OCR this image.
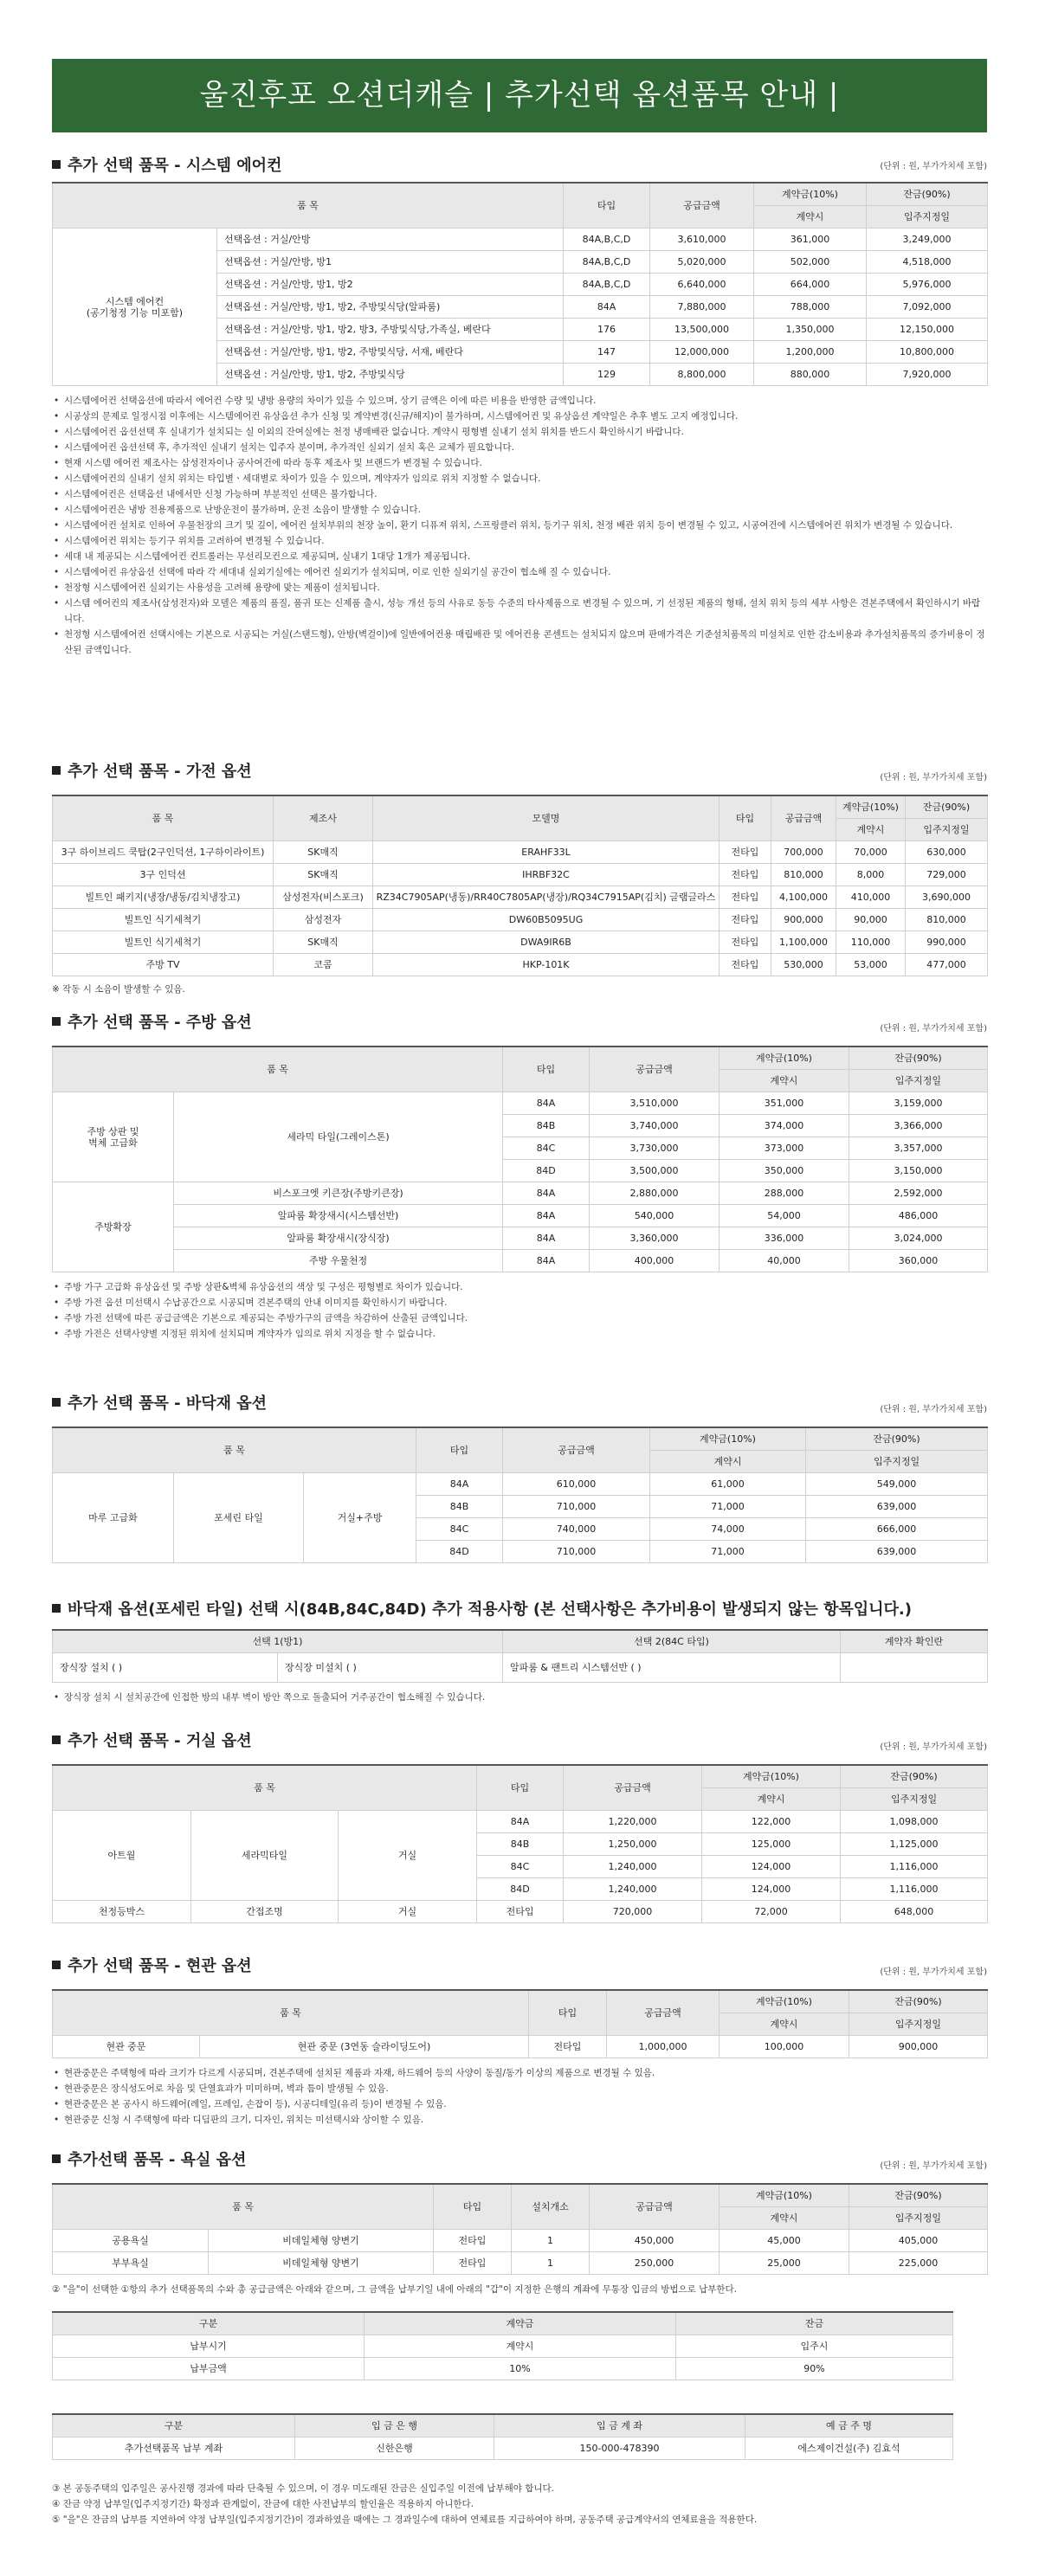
울진후포 오션더캐슬 | 추가선택 옵션품목 안내 |
추가 선택 품목 - 시스템 에어컨	(단위 : 원, 부가가치세 포함)
품 목		타입	공급금액	계약금(10%)	잔금(90%)
				계약시	입주지정일
시스템 에어컨
(공기청정 기능 미포함)	선택옵션 : 거실/안방	84A,B,C,D	3,610,000	361,000	3,249,000
	선택옵션 : 거실/안방, 방1	84A,B,C,D	5,020,000	502,000	4,518,000
	선택옵션 : 거실/안방, 방1, 방2	84A,B,C,D	6,640,000	664,000	5,976,000
	선택옵션 : 거실/안방, 방1, 방2, 주방및식당(알파룸)	84A	7,880,000	788,000	7,092,000
	선택옵션 : 거실/안방, 방1, 방2, 방3, 주방및식당,가족실, 베란다	176	13,500,000	1,350,000	12,150,000
	선택옵션 : 거실/안방, 방1, 방2, 주방및식당, 서재, 베란다	147	12,000,000	1,200,000	10,800,000
	선택옵션 : 거실/안방, 방1, 방2, 주방및식당	129	8,800,000	880,000	7,920,000
• 시스템에어컨 선택옵션에 따라서 에어컨 수량 및 냉방 용량의 차이가 있을 수 있으며, 상기 금액은 이에 따른 비용을 반영한 금액입니다.
• 시공상의 문제로 일정시점 이후에는 시스템에어컨 유상옵션 추가 신청 및 계약변경(신규/해지)이 불가하며, 시스템에어컨 및 유상옵션 계약일은 추후 별도 고지 예정입니다.
• 시스템에어컨 옵션선택 후 실내기가 설치되는 실 이외의 잔여실에는 천정 냉매배관 없습니다. 계약시 평형별 실내기 설치 위치를 반드시 확인하시기 바랍니다.
• 시스템에어컨 옵션선택 후, 추가적인 실내기 설치는 입주자 분이며, 추가적인 실외기 설치 혹은 교체가 필요합니다.
• 현재 시스템 에어컨 제조사는 삼성전자이나 공사여건에 따라 동후 제조사 및 브랜드가 변경될 수 있습니다.
• 시스템에어컨의 실내기 설치 위치는 타입별ㆍ세대별로 차이가 있을 수 있으며, 계약자가 임의로 위치 지정할 수 없습니다.
• 시스템에어컨은 선택옵션 내에서만 신청 가능하며 부분적인 선택은 불가합니다.
• 시스템에어컨은 냉방 전용제품으로 난방운전이 불가하며, 운전 소음이 발생할 수 있습니다.
• 시스템에어컨 설치로 인하여 우물천장의 크기 및 깊이, 에어컨 설치부위의 천장 높이, 환기 디퓨져 위치, 스프링클러 위치, 등기구 위치, 천정 배관 위치 등이 변경될 수 있고, 시공여건에 시스템에어컨 위치가 변경될 수 있습니다.
• 시스템에어컨 위치는 등기구 위치를 고려하여 변경될 수 있습니다.
• 세대 내 제공되는 시스템에어컨 컨트롤러는 무선리모컨으로 제공되며, 실내기 1대당 1개가 제공됩니다.
• 시스템에어컨 유상옵션 선택에 따라 각 세대내 실외기실에는 에어컨 실외기가 설치되며, 이로 인한 실외기실 공간이 협소해 질 수 있습니다.
• 천장형 시스템에어컨 실외기는 사용성을 고려해 용량에 맞는 제품이 설치됩니다.
• 시스템 에어컨의 제조사(삼성전자)와 모델은 제품의 품질, 품귀 또는 신제품 출시, 성능 개선 등의 사유로 동등 수준의 타사제품으로 변경될 수 있으며, 기 선정된 제품의 형태, 설치 위치 등의 세부 사항은 견본주택에서 확인하시기 바랍니다.
• 천정형 시스템에어컨 선택시에는 기본으로 시공되는 거실(스탠드형), 안방(벽걸이)에 일반에어컨용 매립배관 및 에어컨용 콘센트는 설치되지 않으며 판매가격은 기준설치품목의 미설치로 인한 감소비용과 추가설치품목의 증가비용이 정산된 금액입니다.
추가 선택 품목 - 가전 옵션	(단위 : 원, 부가가치세 포함)
품 목	제조사	모델명	타입	공급금액	계약금(10%)	잔금(90%)
					계약시	입주지정일
3구 하이브리드 쿡탑(2구인덕션, 1구하이라이트)	SK매직	ERAHF33L	전타입	700,000	70,000	630,000
3구 인덕션	SK매직	IHRBF32C	전타입	810,000	8,000	729,000
빌트인 패키지(냉장/냉동/김치냉장고)	삼성전자(비스포크)	RZ34C7905AP(냉동)/RR40C7805AP(냉장)/RQ34C7915AP(김치) 글램글라스	전타입	4,100,000	410,000	3,690,000
빌트인 식기세척기	삼성전자	DW60B5095UG	전타입	900,000	90,000	810,000
빌트인 식기세척기	SK매직	DWA9IR6B	전타입	1,100,000	110,000	990,000
주방 TV	코콤	HKP-101K	전타입	530,000	53,000	477,000
※ 작동 시 소음이 발생할 수 있음.
추가 선택 품목 - 주방 옵션	(단위 : 원, 부가가치세 포함)
품 목		타입	공급금액	계약금(10%)	잔금(90%)
				계약시	입주지정일
주방 상판 및
벽체 고급화	세라믹 타일(그레이스톤)	84A	3,510,000	351,000	3,159,000
		84B	3,740,000	374,000	3,366,000
		84C	3,730,000	373,000	3,357,000
		84D	3,500,000	350,000	3,150,000
주방확장	비스포크엣 키큰장(주방키큰장)	84A	2,880,000	288,000	2,592,000
	알파룸 확장새시(시스템선반)	84A	540,000	54,000	486,000
	알파룸 확장새시(장식장)	84A	3,360,000	336,000	3,024,000
	주방 우물천정	84A	400,000	40,000	360,000
• 주방 가구 고급화 유상옵션 및 주방 상판&벽체 유상옵션의 색상 및 구성은 평형별로 차이가 있습니다.
• 주방 가전 옵션 미선택시 수납공간으로 시공되며 견본주택의 안내 이미지를 확인하시기 바랍니다.
• 주방 가전 선택에 따른 공급금액은 기본으로 제공되는 주방가구의 금액을 차감하여 산출된 금액입니다.
• 주방 가전은 선택사양별 지정된 위치에 설치되며 계약자가 임의로 위치 지정을 할 수 없습니다.
추가 선택 품목 - 바닥재 옵션	(단위 : 원, 부가가치세 포함)
품 목			타입	공급금액	계약금(10%)	잔금(90%)
					계약시	입주지정일
마루 고급화	포세린 타일	거실+주방	84A	610,000	61,000	549,000
			84B	710,000	71,000	639,000
			84C	740,000	74,000	666,000
			84D	710,000	71,000	639,000
바닥재 옵션(포세린 타일) 선택 시(84B,84C,84D) 추가 적용사항 (본 선택사항은 추가비용이 발생되지 않는 항목입니다.)
선택 1(방1)		선택 2(84C 타입)	계약자 확인란
장식장 설치 ( )	장식장 미설치 ( )	알파룸 & 팬트리 시스템선반 ( )	
• 장식장 설치 시 설치공간에 인접한 방의 내부 벽이 방안 쪽으로 돌출되어 거주공간이 협소해질 수 있습니다.
추가 선택 품목 - 거실 옵션	(단위 : 원, 부가가치세 포함)
품 목			타입	공급금액	계약금(10%)	잔금(90%)
					계약시	입주지정일
아트월	세라믹타일	거실	84A	1,220,000	122,000	1,098,000
			84B	1,250,000	125,000	1,125,000
			84C	1,240,000	124,000	1,116,000
			84D	1,240,000	124,000	1,116,000
천정등박스	간접조명	거실	전타입	720,000	72,000	648,000
추가 선택 품목 - 현관 옵션	(단위 : 원, 부가가치세 포함)
품 목		타입	공급금액	계약금(10%)	잔금(90%)
				계약시	입주지정일
현관 중문	현관 중문 (3연동 슬라이딩도어)	전타입	1,000,000	100,000	900,000
• 현관중문은 주택형에 따라 크기가 다르게 시공되며, 견본주택에 설치된 제품과 자재, 하드웨어 등의 사양이 동질/동가 이상의 제품으로 변경될 수 있음.
• 현관중문은 장식성도어로 차음 및 단열효과가 미미하며, 벽과 틈이 발생될 수 있음.
• 현관중문은 본 공사시 하드웨어(레일, 프레임, 손잡이 등), 시공디테일(유리 등)이 변경될 수 있음.
• 현관중문 신청 시 주택형에 따라 디딤판의 크기, 디자인, 위치는 미선택시와 상이할 수 있음.
추가선택 품목 - 욕실 옵션	(단위 : 원, 부가가치세 포함)
품 목		타입	설치개소	공급금액	계약금(10%)	잔금(90%)
					계약시	입주지정일
공용욕실	비데일체형 양변기	전타입	1	450,000	45,000	405,000
부부욕실	비데일체형 양변기	전타입	1	250,000	25,000	225,000
② "을"이 선택한 ①항의 추가 선택품목의 수와 총 공급금액은 아래와 같으며, 그 금액을 납부기일 내에 아래의 "갑"이 지정한 은행의 계좌에 무통장 입금의 방법으로 납부한다.
구분	계약금	잔금
납부시기	계약시	입주시
납부금액	10%	90%
구분	입 금 은 행	입 금 계 좌	예 금 주 명
추가선택품목 납부 계좌	신한은행	150-000-478390	에스제이건설(주) 김효석
③ 본 공동주택의 입주일은 공사진행 경과에 따라 단축될 수 있으며, 이 경우 미도래된 잔금은 실입주일 이전에 납부해야 합니다.
④ 잔금 약정 납부일(입주지정기간) 확정과 관계없이, 잔금에 대한 사전납부의 할인율은 적용하지 아니한다.
⑤ "을"은 잔금의 납부를 지연하여 약정 납부일(입주지정기간)이 경과하였을 때에는 그 경과일수에 대하여 연체료를 지급하여야 하며, 공동주택 공급계약서의 연체료율을 적용한다.
